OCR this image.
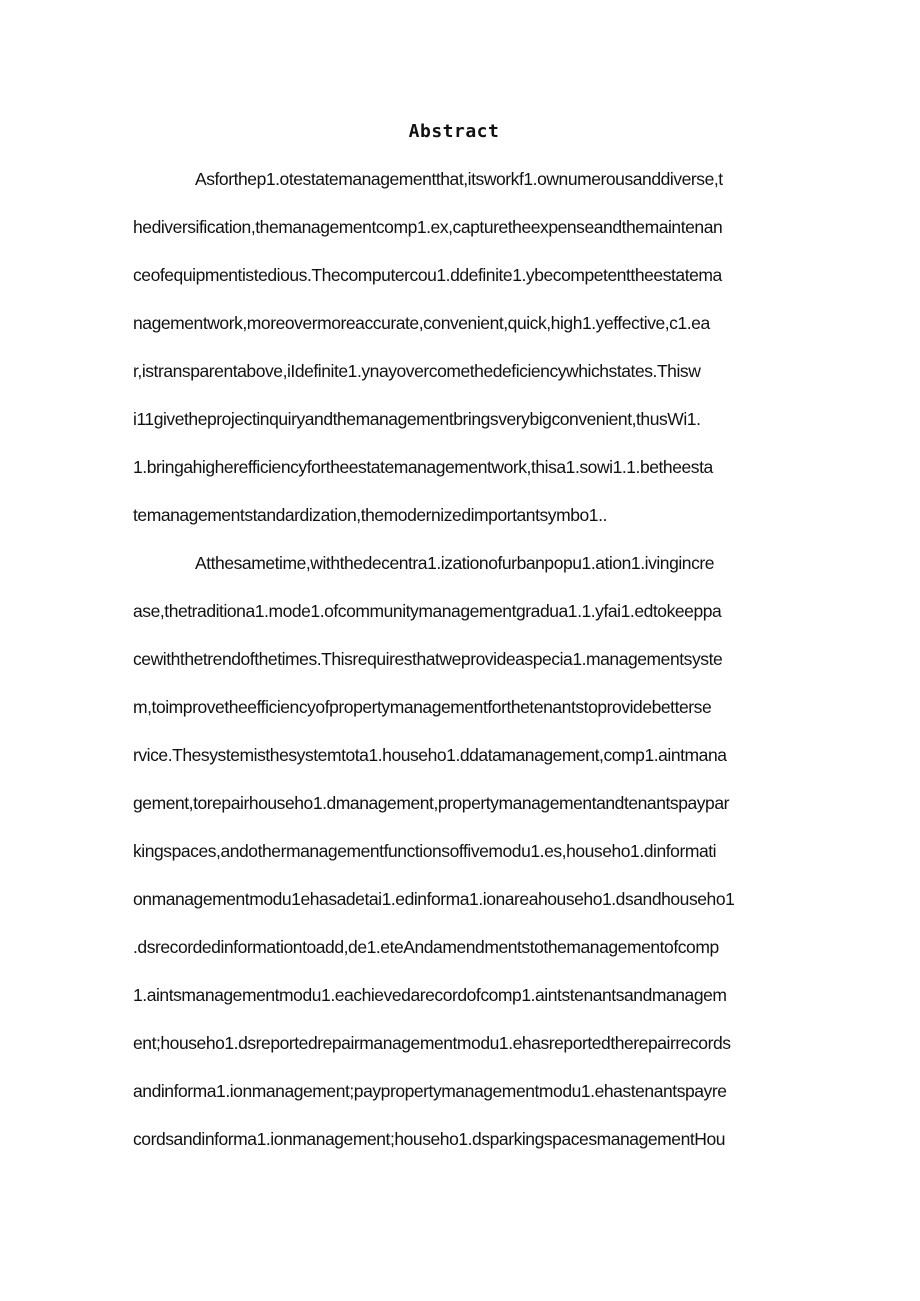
Abstract
Asforthep1.otestatemanagementthat,itsworkf1.ownumerousanddiverse,t
hediversification,themanagementcomp1.ex,capturetheexpenseandthemaintenan
ceofequipmentistedious.Thecomputercou1.ddefinite1.ybecompetenttheestatema
nagementwork,moreovermoreaccurate,convenient,quick,high1.yeffective,c1.ea
r,istransparentabove,iIdefinite1.ynayovercomethedeficiencywhichstates.Thisw
i11givetheprojectinquiryandthemanagementbringsverybigconvenient,thusWi1.
1.bringahigherefficiencyfortheestatemanagementwork,thisa1.sowi1.1.betheesta
temanagementstandardization,themodernizedimportantsymbo1..
Atthesametime,withthedecentra1.izationofurbanpopu1.ation1.ivingincre
ase,thetraditiona1.mode1.ofcommunitymanagementgradua1.1.yfai1.edtokeeppa
cewiththetrendofthetimes.Thisrequiresthatweprovideaspecia1.managementsyste
m,toimprovetheefficiencyofpropertymanagementforthetenantstoprovidebetterse
rvice.Thesystemisthesystemtota1.househo1.ddatamanagement,comp1.aintmana
gement,torepairhouseho1.dmanagement,propertymanagementandtenantspaypar
kingspaces,andothermanagementfunctionsoffivemodu1.es,househo1.dinformati
onmanagementmodu1ehasadetai1.edinforma1.ionareahouseho1.dsandhouseho1
.dsrecordedinformationtoadd,de1.eteAndamendmentstothemanagementofcomp
1.aintsmanagementmodu1.eachievedarecordofcomp1.aintstenantsandmanagem
ent;househo1.dsreportedrepairmanagementmodu1.ehasreportedtherepairrecords
andinforma1.ionmanagement;paypropertymanagementmodu1.ehastenantspayre
cordsandinforma1.ionmanagement;househo1.dsparkingspacesmanagementHou
